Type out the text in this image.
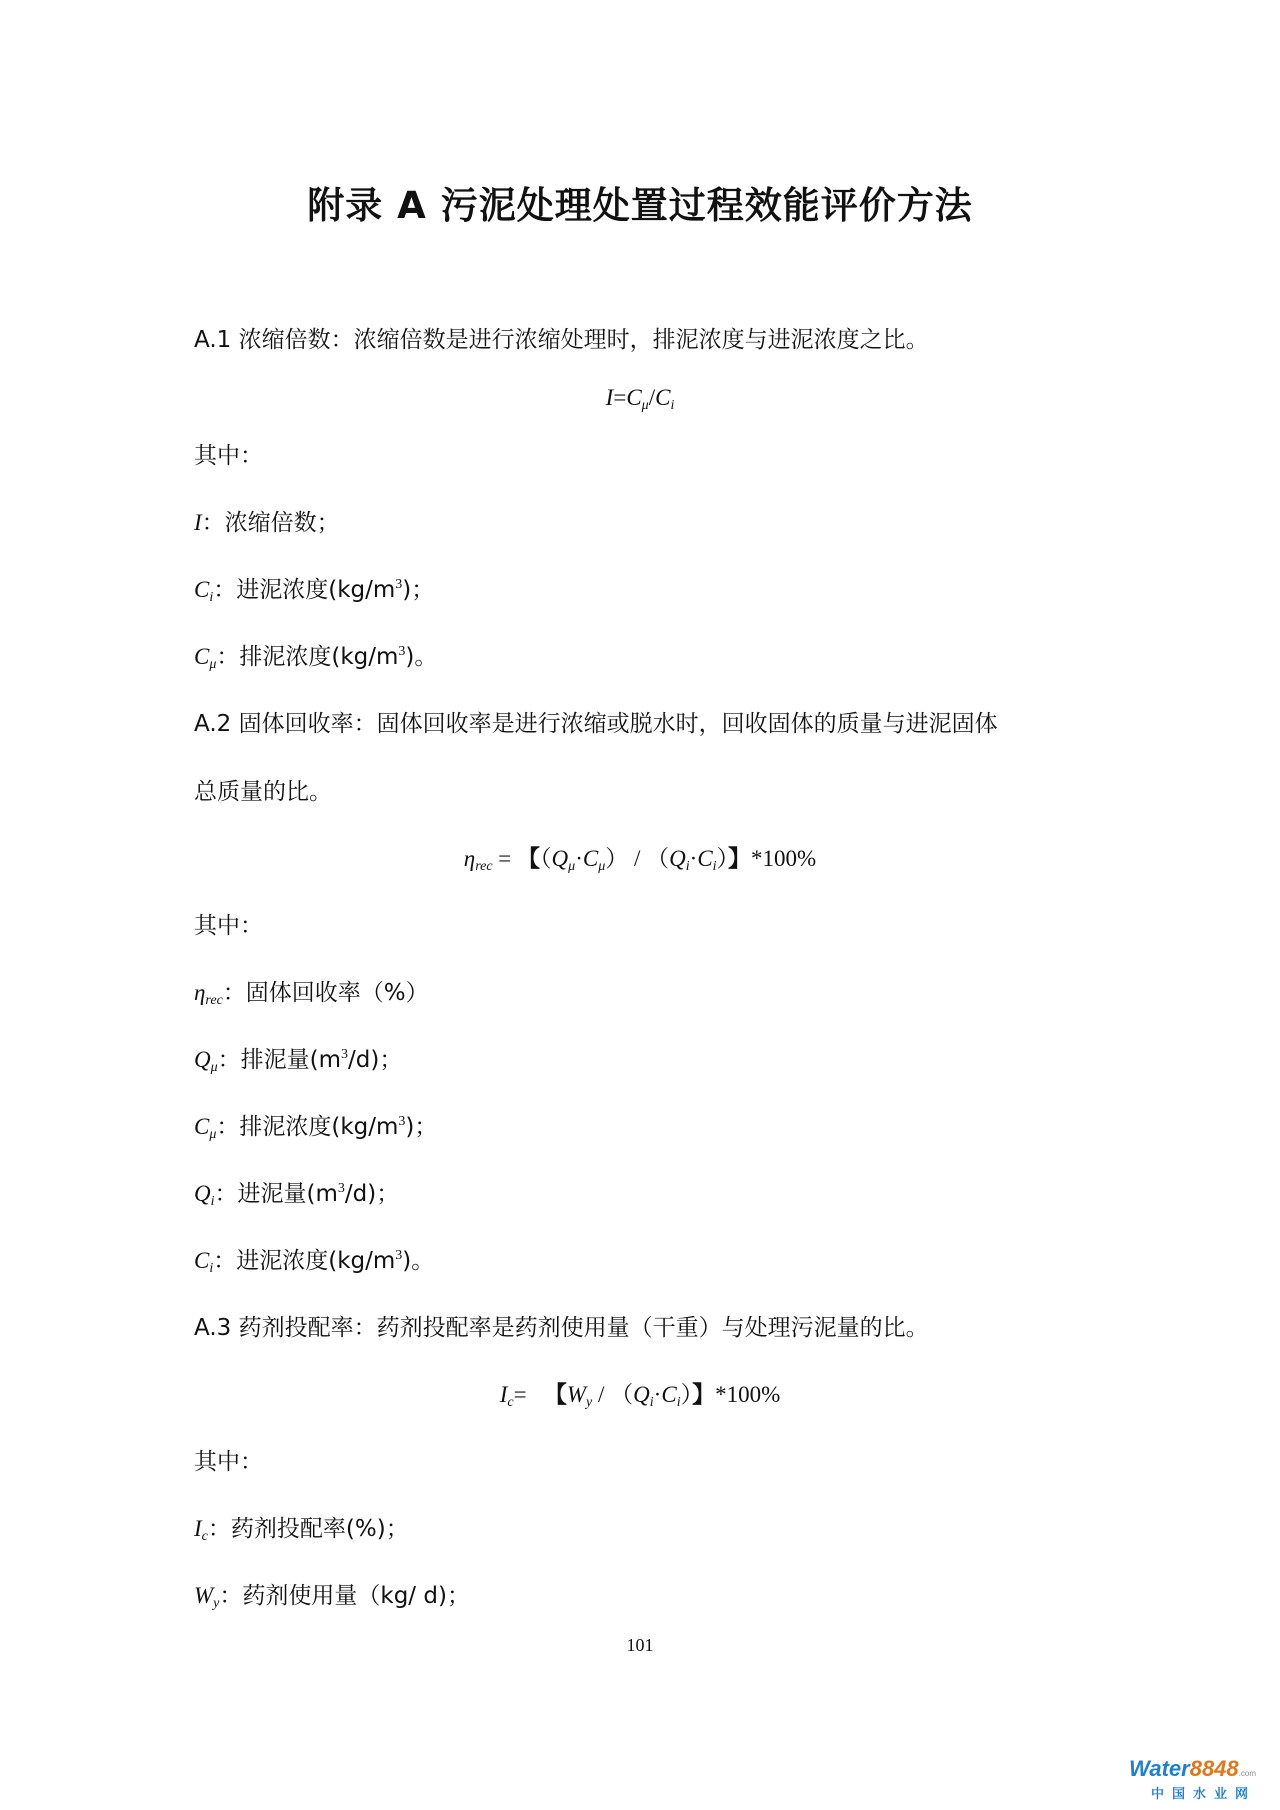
附录 A 污泥处理处置过程效能评价方法
A.1 浓缩倍数：浓缩倍数是进行浓缩处理时，排泥浓度与进泥浓度之比。
$I=C_\mu/C_i$
其中：
I：浓缩倍数；
$C_i$：进泥浓度$(kg/m^3)$；
$C_\mu$：排泥浓度$(kg/m^3)$。
A.2 固体回收率：固体回收率是进行浓缩或脱水时，回收固体的质量与进泥固体
总质量的比。
$\eta_{rec}$ = 【$(Q_\mu\cdot C_\mu) / (Q_i\cdot C_i)$】*100%
其中：
$\eta_{rec}$：固体回收率（%）
$Q_\mu$：排泥量$(m^3/d)$；
$C_\mu$：排泥浓度$(kg/m^3)$；
$Q_i$：进泥量$(m^3/d)$；
$C_i$：进泥浓度$(kg/m^3)$。
A.3 药剂投配率：药剂投配率是药剂使用量（干重）与处理污泥量的比。
$I_c=$   【$W_y / (Q_i\cdot C_i)$】*100%
其中：
$I_c$：药剂投配率(%)；
$W_y$：药剂使用量（kg/ d)；
101
Water8848.com
中国水业网
